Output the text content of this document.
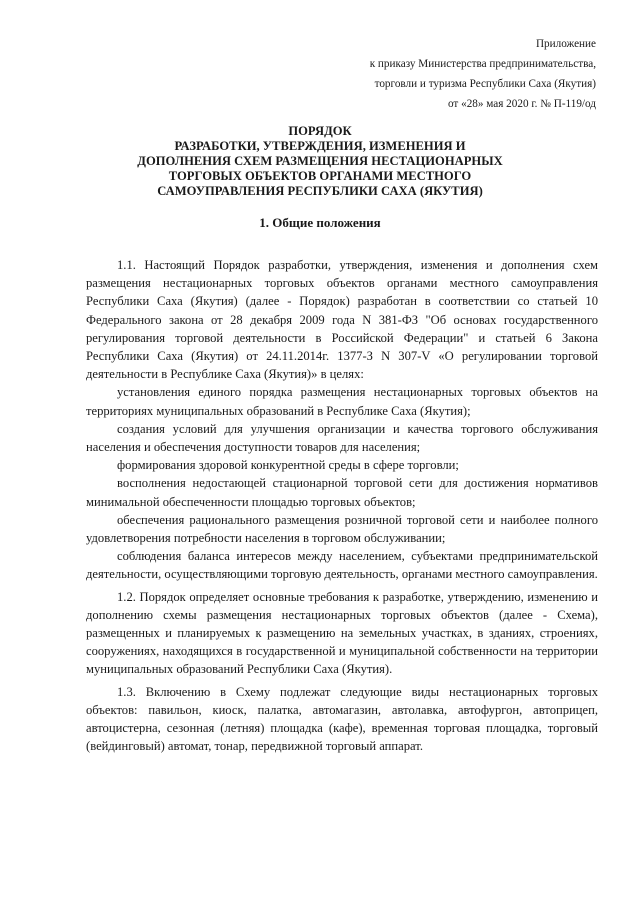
Приложение
к приказу Министерства предпринимательства,
торговли и туризма Республики Саха (Якутия)
от «28» мая 2020 г. № П-119/од
ПОРЯДОК
РАЗРАБОТКИ, УТВЕРЖДЕНИЯ, ИЗМЕНЕНИЯ И
ДОПОЛНЕНИЯ СХЕМ РАЗМЕЩЕНИЯ НЕСТАЦИОНАРНЫХ
ТОРГОВЫХ ОБЪЕКТОВ ОРГАНАМИ МЕСТНОГО
САМОУПРАВЛЕНИЯ РЕСПУБЛИКИ САХА (ЯКУТИЯ)
1. Общие положения

1.1. Настоящий Порядок разработки, утверждения, изменения и дополнения схем размещения нестационарных торговых объектов органами местного самоуправления Республики Саха (Якутия) (далее - Порядок) разработан в соответствии со статьей 10 Федерального закона от 28 декабря 2009 года N 381-ФЗ "Об основах государственного регулирования торговой деятельности в Российской Федерации" и статьей 6 Закона Республики Саха (Якутия) от 24.11.2014г. 1377-З N 307-V «О регулировании торговой деятельности в Республике Саха (Якутия)» в целях:

установления единого порядка размещения нестационарных торговых объектов на территориях муниципальных образований в Республике Саха (Якутия);

создания условий для улучшения организации и качества торгового обслуживания населения и обеспечения доступности товаров для населения;

формирования здоровой конкурентной среды в сфере торговли;

восполнения недостающей стационарной торговой сети для достижения нормативов минимальной обеспеченности площадью торговых объектов;

обеспечения рационального размещения розничной торговой сети и наиболее полного удовлетворения потребности населения в торговом обслуживании;

соблюдения баланса интересов между населением, субъектами предпринимательской деятельности, осуществляющими торговую деятельность, органами местного самоуправления.

1.2. Порядок определяет основные требования к разработке, утверждению, изменению и дополнению схемы размещения нестационарных торговых объектов (далее - Схема), размещенных и планируемых к размещению на земельных участках, в зданиях, строениях, сооружениях, находящихся в государственной и муниципальной собственности на территории муниципальных образований Республики Саха (Якутия).

1.3. Включению в Схему подлежат следующие виды нестационарных торговых объектов: павильон, киоск, палатка, автомагазин, автолавка, автофургон, автоприцеп, автоцистерна, сезонная (летняя) площадка (кафе), временная торговая площадка, торговый (вейдинговый) автомат, тонар, передвижной торговый аппарат.
